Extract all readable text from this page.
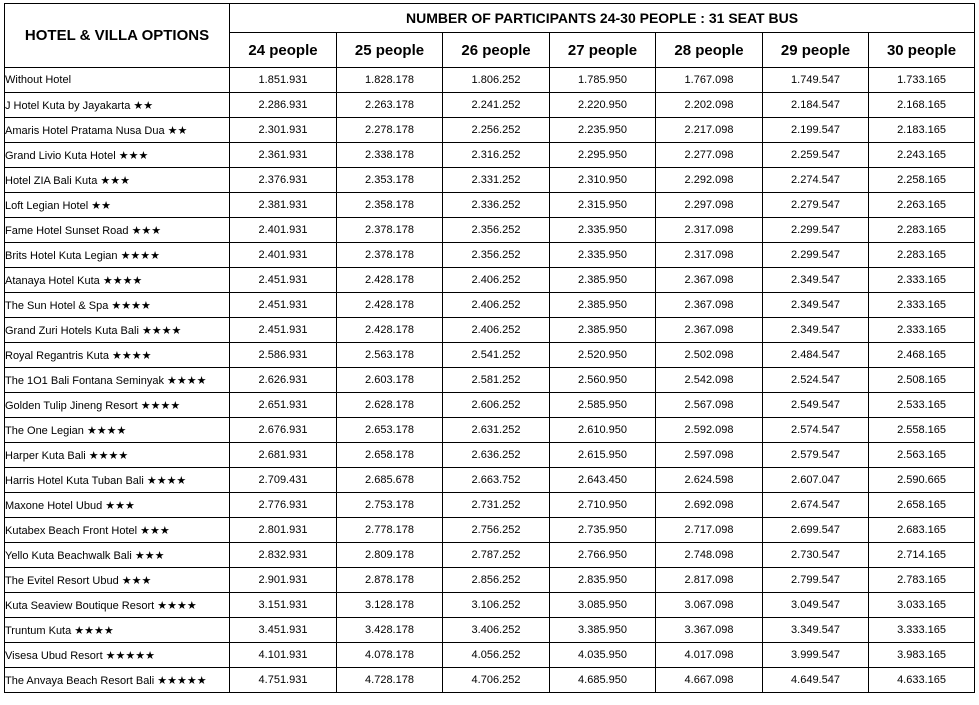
HOTEL & VILLA OPTIONS	NUMBER OF PARTICIPANTS 24-30 PEOPLE : 31 SEAT BUS						
	24 people	25 people	26 people	27 people	28 people	29 people	30 people
Without Hotel	1.851.931	1.828.178	1.806.252	1.785.950	1.767.098	1.749.547	1.733.165
J Hotel Kuta by Jayakarta ★★	2.286.931	2.263.178	2.241.252	2.220.950	2.202.098	2.184.547	2.168.165
Amaris Hotel Pratama Nusa Dua ★★	2.301.931	2.278.178	2.256.252	2.235.950	2.217.098	2.199.547	2.183.165
Grand Livio Kuta Hotel ★★★	2.361.931	2.338.178	2.316.252	2.295.950	2.277.098	2.259.547	2.243.165
Hotel ZIA Bali Kuta ★★★	2.376.931	2.353.178	2.331.252	2.310.950	2.292.098	2.274.547	2.258.165
Loft Legian Hotel ★★	2.381.931	2.358.178	2.336.252	2.315.950	2.297.098	2.279.547	2.263.165
Fame Hotel Sunset Road ★★★	2.401.931	2.378.178	2.356.252	2.335.950	2.317.098	2.299.547	2.283.165
Brits Hotel Kuta Legian ★★★★	2.401.931	2.378.178	2.356.252	2.335.950	2.317.098	2.299.547	2.283.165
Atanaya Hotel Kuta ★★★★	2.451.931	2.428.178	2.406.252	2.385.950	2.367.098	2.349.547	2.333.165
The Sun Hotel & Spa ★★★★	2.451.931	2.428.178	2.406.252	2.385.950	2.367.098	2.349.547	2.333.165
Grand Zuri Hotels Kuta Bali ★★★★	2.451.931	2.428.178	2.406.252	2.385.950	2.367.098	2.349.547	2.333.165
Royal Regantris Kuta ★★★★	2.586.931	2.563.178	2.541.252	2.520.950	2.502.098	2.484.547	2.468.165
The 1O1 Bali Fontana Seminyak ★★★★	2.626.931	2.603.178	2.581.252	2.560.950	2.542.098	2.524.547	2.508.165
Golden Tulip Jineng Resort ★★★★	2.651.931	2.628.178	2.606.252	2.585.950	2.567.098	2.549.547	2.533.165
The One Legian ★★★★	2.676.931	2.653.178	2.631.252	2.610.950	2.592.098	2.574.547	2.558.165
Harper Kuta Bali ★★★★	2.681.931	2.658.178	2.636.252	2.615.950	2.597.098	2.579.547	2.563.165
Harris Hotel Kuta Tuban Bali ★★★★	2.709.431	2.685.678	2.663.752	2.643.450	2.624.598	2.607.047	2.590.665
Maxone Hotel Ubud ★★★	2.776.931	2.753.178	2.731.252	2.710.950	2.692.098	2.674.547	2.658.165
Kutabex Beach Front Hotel ★★★	2.801.931	2.778.178	2.756.252	2.735.950	2.717.098	2.699.547	2.683.165
Yello Kuta Beachwalk Bali ★★★	2.832.931	2.809.178	2.787.252	2.766.950	2.748.098	2.730.547	2.714.165
The Evitel Resort Ubud ★★★	2.901.931	2.878.178	2.856.252	2.835.950	2.817.098	2.799.547	2.783.165
Kuta Seaview Boutique Resort ★★★★	3.151.931	3.128.178	3.106.252	3.085.950	3.067.098	3.049.547	3.033.165
Truntum Kuta ★★★★	3.451.931	3.428.178	3.406.252	3.385.950	3.367.098	3.349.547	3.333.165
Visesa Ubud Resort ★★★★★	4.101.931	4.078.178	4.056.252	4.035.950	4.017.098	3.999.547	3.983.165
The Anvaya Beach Resort Bali ★★★★★	4.751.931	4.728.178	4.706.252	4.685.950	4.667.098	4.649.547	4.633.165
